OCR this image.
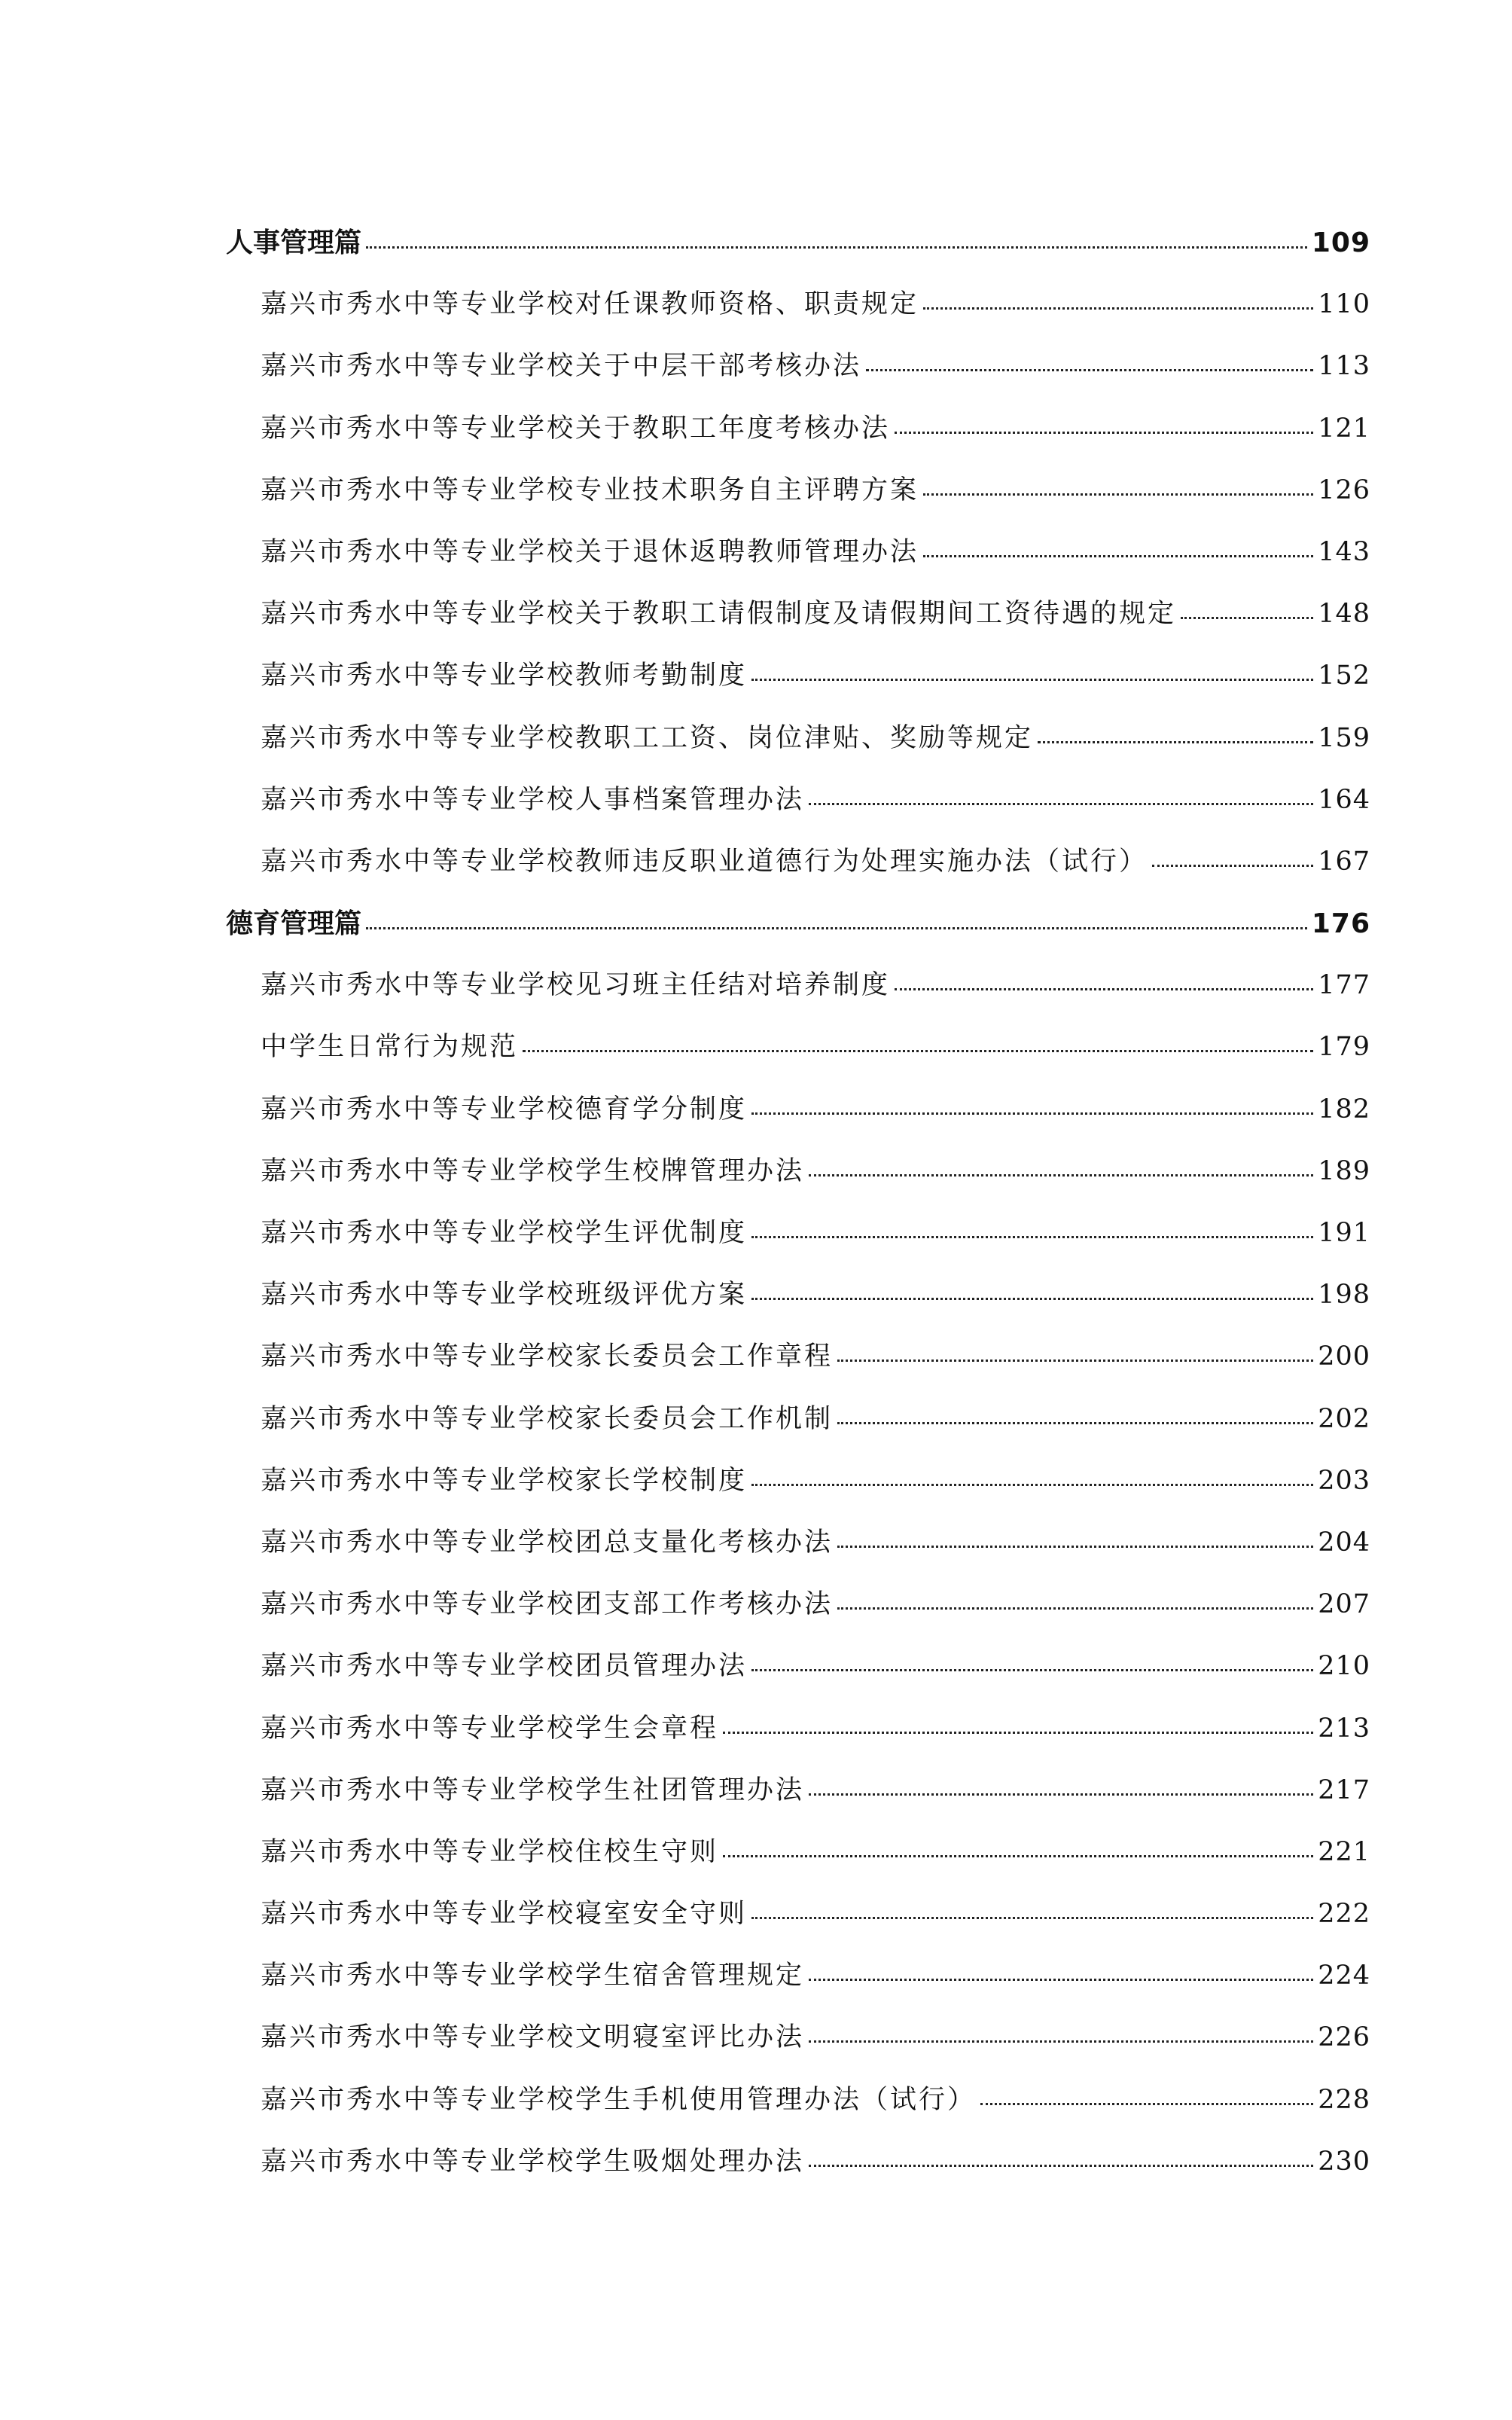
人事管理篇	109
嘉兴市秀水中等专业学校对任课教师资格、职责规定	110
嘉兴市秀水中等专业学校关于中层干部考核办法	113
嘉兴市秀水中等专业学校关于教职工年度考核办法	121
嘉兴市秀水中等专业学校专业技术职务自主评聘方案	126
嘉兴市秀水中等专业学校关于退休返聘教师管理办法	143
嘉兴市秀水中等专业学校关于教职工请假制度及请假期间工资待遇的规定	148
嘉兴市秀水中等专业学校教师考勤制度	152
嘉兴市秀水中等专业学校教职工工资、岗位津贴、奖励等规定	159
嘉兴市秀水中等专业学校人事档案管理办法	164
嘉兴市秀水中等专业学校教师违反职业道德行为处理实施办法（试行）	167
德育管理篇	176
嘉兴市秀水中等专业学校见习班主任结对培养制度	177
中学生日常行为规范	179
嘉兴市秀水中等专业学校德育学分制度	182
嘉兴市秀水中等专业学校学生校牌管理办法	189
嘉兴市秀水中等专业学校学生评优制度	191
嘉兴市秀水中等专业学校班级评优方案	198
嘉兴市秀水中等专业学校家长委员会工作章程	200
嘉兴市秀水中等专业学校家长委员会工作机制	202
嘉兴市秀水中等专业学校家长学校制度	203
嘉兴市秀水中等专业学校团总支量化考核办法	204
嘉兴市秀水中等专业学校团支部工作考核办法	207
嘉兴市秀水中等专业学校团员管理办法	210
嘉兴市秀水中等专业学校学生会章程	213
嘉兴市秀水中等专业学校学生社团管理办法	217
嘉兴市秀水中等专业学校住校生守则	221
嘉兴市秀水中等专业学校寝室安全守则	222
嘉兴市秀水中等专业学校学生宿舍管理规定	224
嘉兴市秀水中等专业学校文明寝室评比办法	226
嘉兴市秀水中等专业学校学生手机使用管理办法（试行）	228
嘉兴市秀水中等专业学校学生吸烟处理办法	230
